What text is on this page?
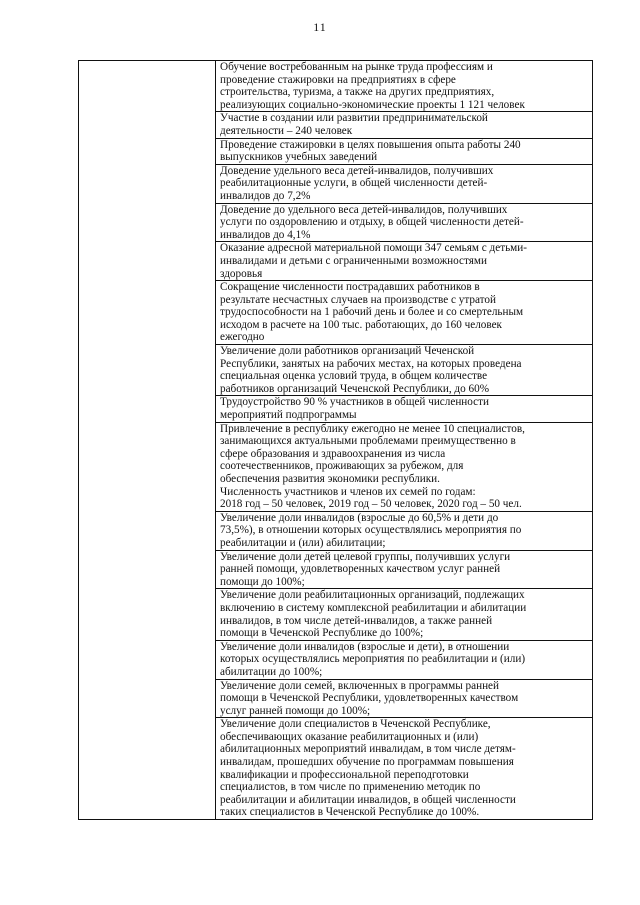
11

Обучение востребованным на рынке труда профессиям и
проведение стажировки на предприятиях в сфере
строительства, туризма, а также на других предприятиях,
реализующих социально-экономические проекты 1 121 человек

Участие в создании или развитии предпринимательской
деятельности – 240 человек

Проведение стажировки в целях повышения опыта работы 240
выпускников учебных заведений

Доведение удельного веса детей-инвалидов, получивших
реабилитационные услуги, в общей численности детей-
инвалидов до 7,2%

Доведение до удельного веса детей-инвалидов, получивших
услуги по оздоровлению и отдыху, в общей численности детей-
инвалидов до 4,1%

Оказание адресной материальной помощи 347 семьям с детьми-
инвалидами и детьми с ограниченными возможностями
здоровья

Сокращение численности пострадавших работников в
результате несчастных случаев на производстве с утратой
трудоспособности на 1 рабочий день и более и со смертельным
исходом в расчете на 100 тыс. работающих, до 160 человек
ежегодно

Увеличение доли работников организаций Чеченской
Республики, занятых на рабочих местах, на которых проведена
специальная оценка условий труда, в общем количестве
работников организаций Чеченской Республики, до 60%

Трудоустройство 90 % участников в общей численности
мероприятий подпрограммы

Привлечение в республику ежегодно не менее 10 специалистов,
занимающихся актуальными проблемами преимущественно в
сфере образования и здравоохранения из числа
соотечественников, проживающих за рубежом, для
обеспечения развития экономики республики.
Численность участников и членов их семей по годам:
2018 год – 50 человек, 2019 год – 50 человек, 2020 год – 50 чел.

Увеличение доли инвалидов (взрослые до 60,5% и дети до
73,5%), в отношении которых осуществлялись мероприятия по
реабилитации и (или) абилитации;

Увеличение доли детей целевой группы, получивших услуги
ранней помощи, удовлетворенных качеством услуг ранней
помощи до 100%;

Увеличение доли реабилитационных организаций, подлежащих
включению в систему комплексной реабилитации и абилитации
инвалидов, в том числе детей-инвалидов, а также ранней
помощи в Чеченской Республике до 100%;

Увеличение доли инвалидов (взрослые и дети), в отношении
которых осуществлялись мероприятия по реабилитации и (или)
абилитации до 100%;

Увеличение доли семей, включенных в программы ранней
помощи в Чеченской Республики, удовлетворенных качеством
услуг ранней помощи до 100%;

Увеличение доли специалистов в Чеченской Республике,
обеспечивающих оказание реабилитационных и (или)
абилитационных мероприятий инвалидам, в том числе детям-
инвалидам, прошедших обучение по программам повышения
квалификации и профессиональной переподготовки
специалистов, в том числе по применению методик по
реабилитации и абилитации инвалидов, в общей численности
таких специалистов в Чеченской Республике до 100%.
